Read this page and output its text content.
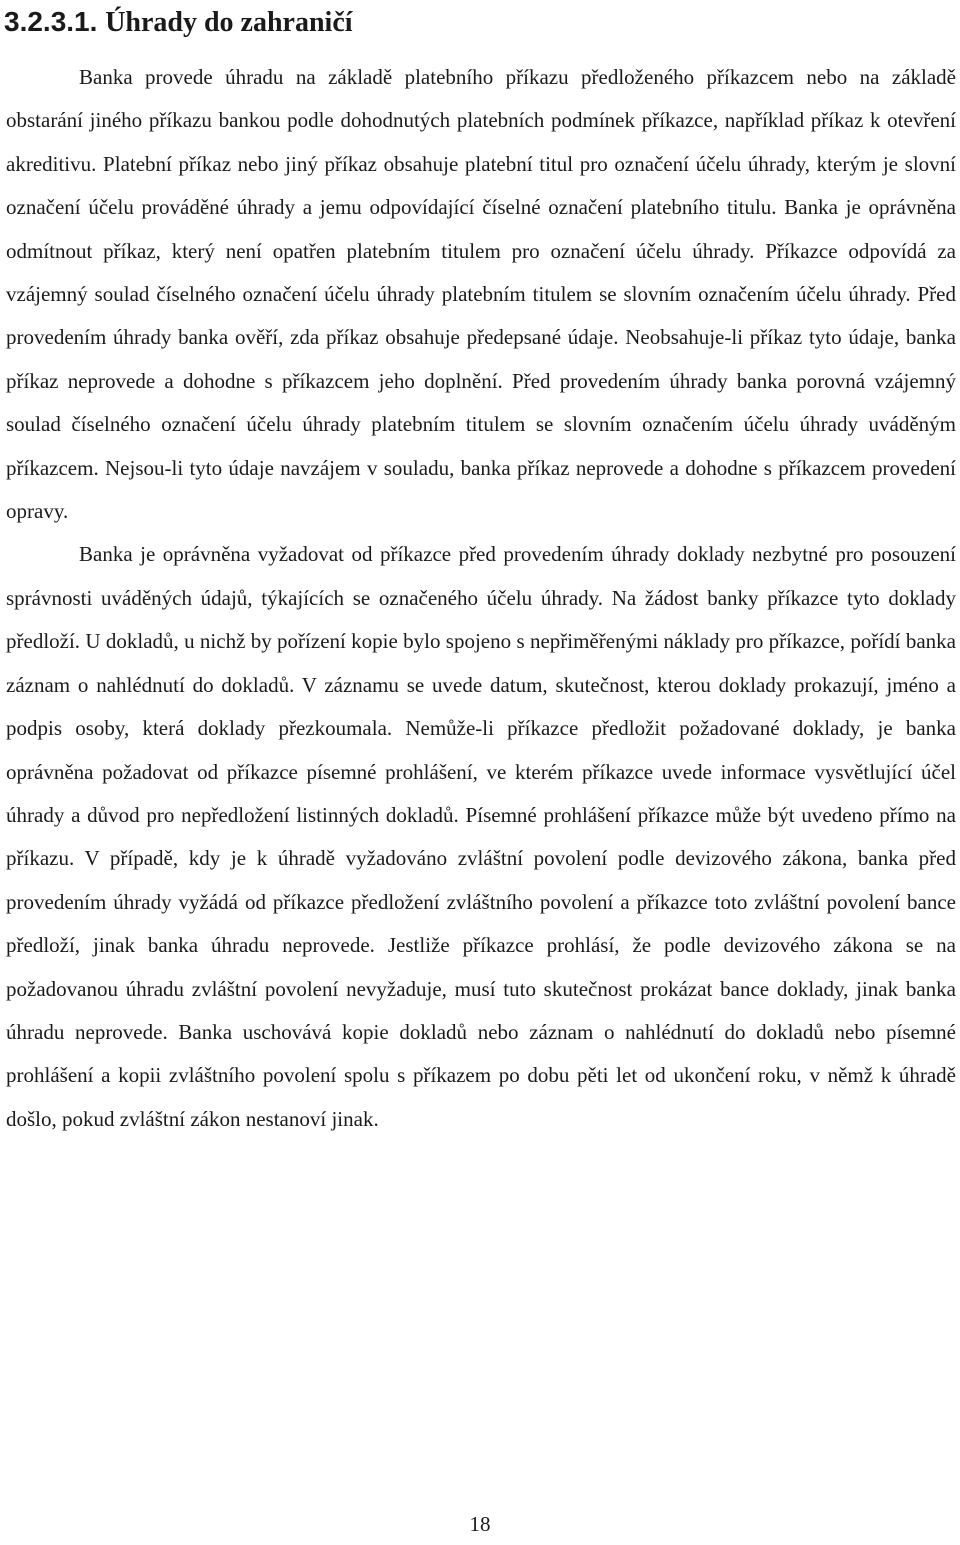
3.2.3.1. Úhrady do zahraničí

Banka provede úhradu na základě platebního příkazu předloženého příkazcem nebo na základě obstarání jiného příkazu bankou podle dohodnutých platebních podmínek příkazce, například příkaz k otevření akreditivu. Platební příkaz nebo jiný příkaz obsahuje platební titul pro označení účelu úhrady, kterým je slovní označení účelu prováděné úhrady a jemu odpovídající číselné označení platebního titulu. Banka je oprávněna odmítnout příkaz, který není opatřen platebním titulem pro označení účelu úhrady. Příkazce odpovídá za vzájemný soulad číselného označení účelu úhrady platebním titulem se slovním označením účelu úhrady. Před provedením úhrady banka ověří, zda příkaz obsahuje předepsané údaje. Neobsahuje-li příkaz tyto údaje, banka příkaz neprovede a dohodne s příkazcem jeho doplnění. Před provedením úhrady banka porovná vzájemný soulad číselného označení účelu úhrady platebním titulem se slovním označením účelu úhrady uváděným příkazcem. Nejsou-li tyto údaje navzájem v souladu, banka příkaz neprovede a dohodne s příkazcem provedení opravy.

Banka je oprávněna vyžadovat od příkazce před provedením úhrady doklady nezbytné pro posouzení správnosti uváděných údajů, týkajících se označeného účelu úhrady. Na žádost banky příkazce tyto doklady předloží. U dokladů, u nichž by pořízení kopie bylo spojeno s nepřiměřenými náklady pro příkazce, pořídí banka záznam o nahlédnutí do dokladů. V záznamu se uvede datum, skutečnost, kterou doklady prokazují, jméno a podpis osoby, která doklady přezkoumala. Nemůže-li příkazce předložit požadované doklady, je banka oprávněna požadovat od příkazce písemné prohlášení, ve kterém příkazce uvede informace vysvětlující účel úhrady a důvod pro nepředložení listinných dokladů. Písemné prohlášení příkazce může být uvedeno přímo na příkazu. V případě, kdy je k úhradě vyžadováno zvláštní povolení podle devizového zákona, banka před provedením úhrady vyžádá od příkazce předložení zvláštního povolení a příkazce toto zvláštní povolení bance předloží, jinak banka úhradu neprovede. Jestliže příkazce prohlásí, že podle devizového zákona se na požadovanou úhradu zvláštní povolení nevyžaduje, musí tuto skutečnost prokázat bance doklady, jinak banka úhradu neprovede. Banka uschovává kopie dokladů nebo záznam o nahlédnutí do dokladů nebo písemné prohlášení a kopii zvláštního povolení spolu s příkazem po dobu pěti let od ukončení roku, v němž k úhradě došlo, pokud zvláštní zákon nestanoví jinak.

18
